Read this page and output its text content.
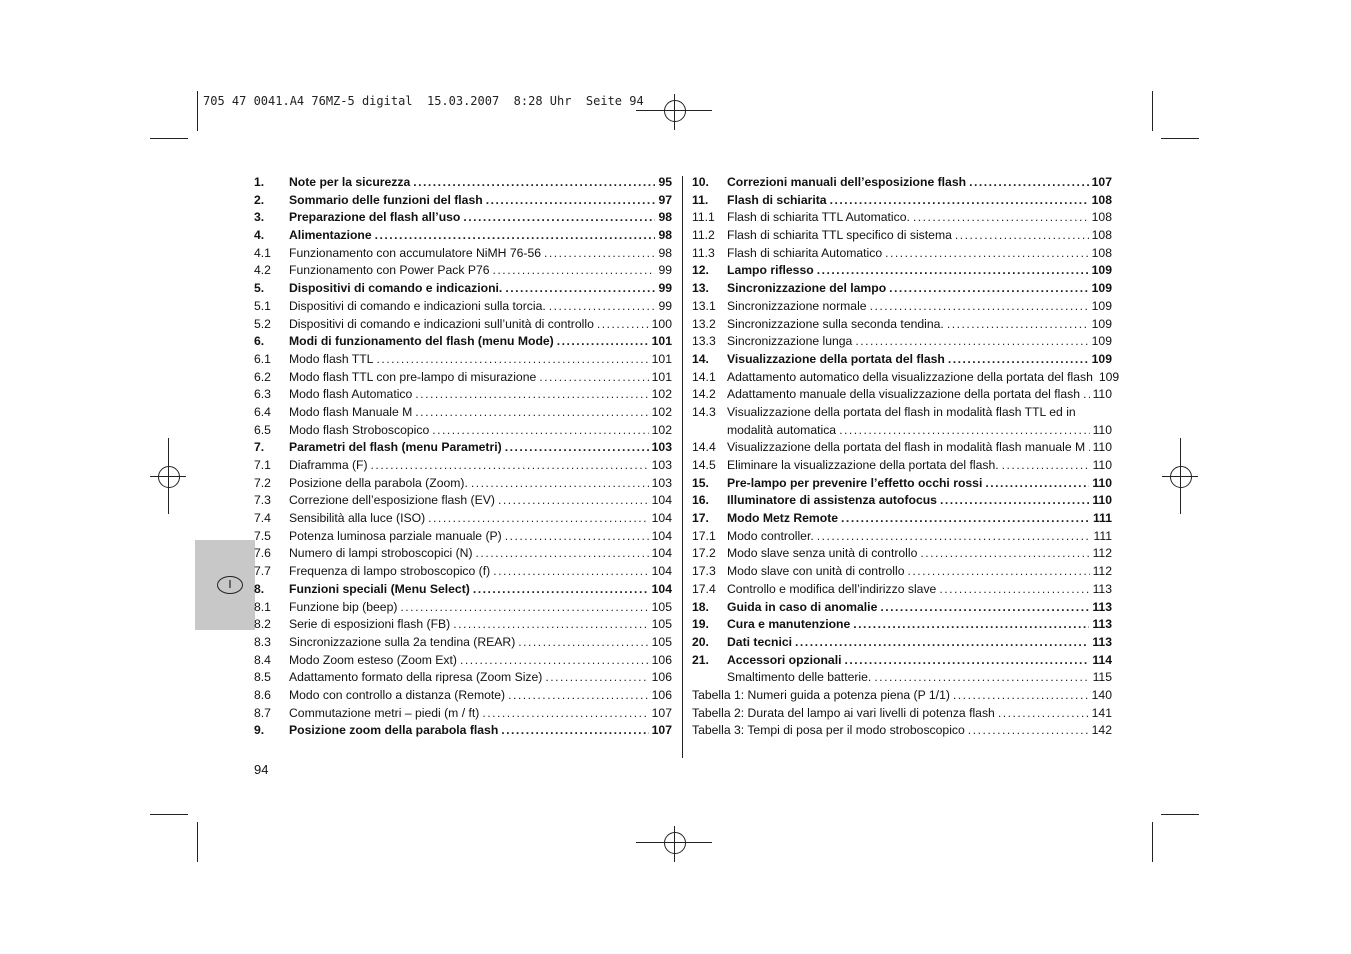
705 47 0041.A4 76MZ-5 digital  15.03.2007  8:28 Uhr  Seite 94
I
1.	Note per la sicurezza .....	95
2.	Sommario delle funzioni del flash .....	97
3.	Preparazione del flash all’uso .....	98
4.	Alimentazione .....	98
4.1	Funzionamento con accumulatore NiMH 76-56 .....	98
4.2	Funzionamento con Power Pack P76 .....	99
5.	Dispositivi di comando e indicazioni. .....	99
5.1	Dispositivi di comando e indicazioni sulla torcia. .....	99
5.2	Dispositivi di comando e indicazioni sull’unità di controllo .....	100
6.	Modi di funzionamento del flash (menu Mode) .....	101
6.1	Modo flash TTL .....	101
6.2	Modo flash TTL con pre-lampo di misurazione .....	101
6.3	Modo flash Automatico .....	102
6.4	Modo flash Manuale M .....	102
6.5	Modo flash Stroboscopico .....	102
7.	Parametri del flash (menu Parametri) .....	103
7.1	Diaframma (F) .....	103
7.2	Posizione della parabola (Zoom). .....	103
7.3	Correzione dell’esposizione flash (EV) .....	104
7.4	Sensibilità alla luce (ISO) .....	104
7.5	Potenza luminosa parziale manuale (P) .....	104
7.6	Numero di lampi stroboscopici (N) .....	104
7.7	Frequenza di lampo stroboscopico (f) .....	104
8.	Funzioni speciali (Menu Select) .....	104
8.1	Funzione bip (beep) .....	105
8.2	Serie di esposizioni flash (FB) .....	105
8.3	Sincronizzazione sulla 2a tendina (REAR) .....	105
8.4	Modo Zoom esteso (Zoom Ext) .....	106
8.5	Adattamento formato della ripresa (Zoom Size) .....	106
8.6	Modo con controllo a distanza (Remote) .....	106
8.7	Commutazione metri – piedi (m / ft) .....	107
9.	Posizione zoom della parabola flash .....	107
10.	Correzioni manuali dell’esposizione flash .....	107
11.	Flash di schiarita .....	108
11.1 Flash di schiarita TTL Automatico. .....	108
11.2 Flash di schiarita TTL specifico di sistema .....	108
11.3 Flash di schiarita Automatico .....	108
12.	Lampo riflesso .....	109
13.	Sincronizzazione del lampo .....	109
13.1 Sincronizzazione normale .....	109
13.2 Sincronizzazione sulla seconda tendina. .....	109
13.3 Sincronizzazione lunga .....	109
14.	Visualizzazione della portata del flash .....	109
14.1 Adattamento automatico della visualizzazione della portata del flash 109
14.2 Adattamento manuale della visualizzazione della portata del flash ..... 110
14.3 Visualizzazione della portata del flash in modalità flash TTL ed in
modalità automatica .....	110
14.4 Visualizzazione della portata del flash in modalità flash manuale M ..... 110
14.5 Eliminare la visualizzazione della portata del flash. .....	110
15.	Pre-lampo per prevenire l’effetto occhi rossi .....	110
16.	Illuminatore di assistenza autofocus .....	110
17.	Modo Metz Remote .....	111
17.1 Modo controller. .....	111
17.2 Modo slave senza unità di controllo .....	112
17.3 Modo slave con unità di controllo .....	112
17.4 Controllo e modifica dell’indirizzo slave .....	113
18.	Guida in caso di anomalie .....	113
19.	Cura e manutenzione .....	113
20.	Dati tecnici .....	113
21.	Accessori opzionali .....	114
Smaltimento delle batterie. .....	115
Tabella 1: Numeri guida a potenza piena (P 1/1) .....	140
Tabella 2: Durata del lampo ai vari livelli di potenza flash .....	141
Tabella 3: Tempi di posa per il modo stroboscopico .....	142
94
